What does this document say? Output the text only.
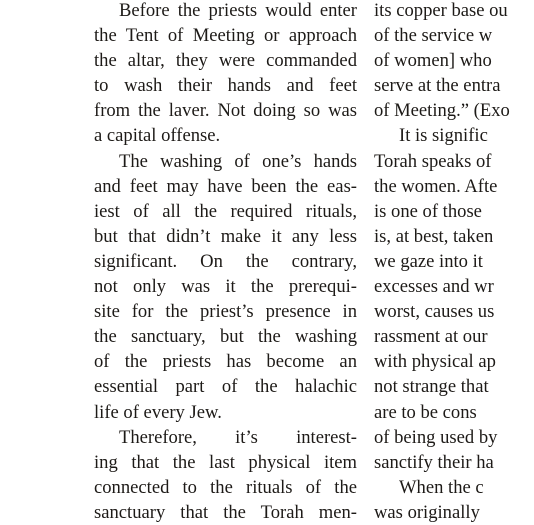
Before the priests would enter
the Tent of Meeting or approach
the altar, they were commanded
to wash their hands and feet
from the laver. Not doing so was
a capital offense.
The washing of one’s hands
and feet may have been the eas-
iest of all the required rituals,
but that didn’t make it any less
significant. On the contrary,
not only was it the prerequi-
site for the priest’s presence in
the sanctuary, but the washing
of the priests has become an
essential part of the halachic
life of every Jew.
Therefore, it’s interest-
ing that the last physical item
connected to the rituals of the
sanctuary that the Torah men-
its copper base ou
of the service w
of women] who
serve at the entra
of Meeting.” (Exo
It is signific
Torah speaks of
the women. Afte
is one of those
is, at best, taken
we gaze into it
excesses and wr
worst, causes us
rassment at our
with physical ap
not strange that
are to be cons
of being used by
sanctify their ha
When the c
was originally
